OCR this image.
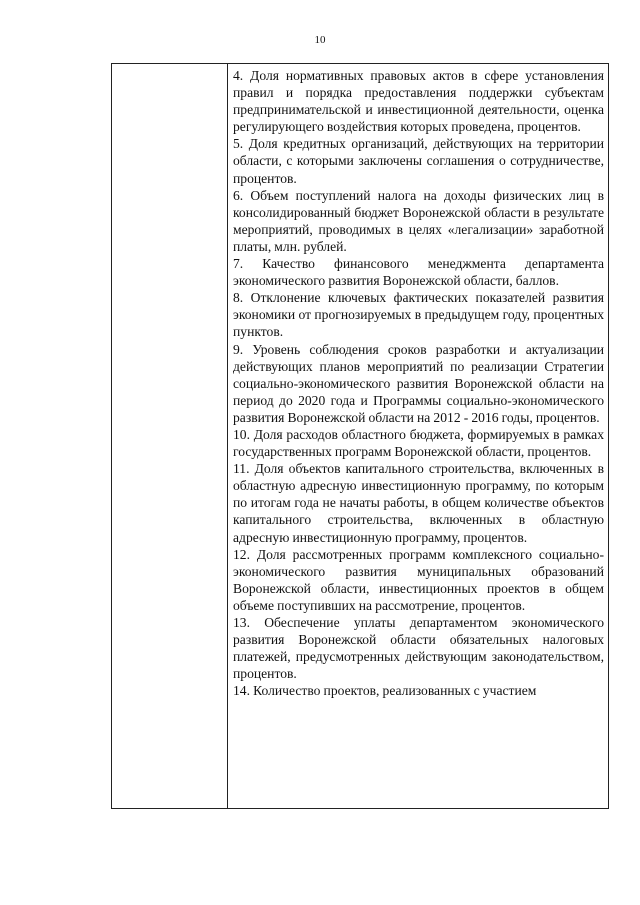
10

4. Доля нормативных правовых актов в сфере установления правил и порядка предоставления поддержки субъектам предпринимательской и инвестиционной деятельности, оценка регулирующего воздействия которых проведена, процентов.

5. Доля кредитных организаций, действующих на территории области, с которыми заключены соглашения о сотрудничестве, процентов.

6. Объем поступлений налога на доходы физических лиц в консолидированный бюджет Воронежской области в результате мероприятий, проводимых в целях «легализации» заработной платы, млн. рублей.

7. Качество финансового менеджмента департамента экономического развития Воронежской области, баллов.

8. Отклонение ключевых фактических показателей развития экономики от прогнозируемых в предыдущем году, процентных пунктов.

9. Уровень соблюдения сроков разработки и актуализации действующих планов мероприятий по реализации Стратегии социально-экономического развития Воронежской области на период до 2020 года и Программы социально-экономического развития Воронежской области на 2012 - 2016 годы, процентов.

10. Доля расходов областного бюджета, формируемых в рамках государственных программ Воронежской области, процентов.

11. Доля объектов капитального строительства, включенных в областную адресную инвестиционную программу, по которым по итогам года не начаты работы, в общем количестве объектов капитального строительства, включенных в областную адресную инвестиционную программу, процентов.

12. Доля рассмотренных программ комплексного социально-экономического развития муниципальных образований Воронежской области, инвестиционных проектов в общем объеме поступивших на рассмотрение, процентов.

13. Обеспечение уплаты департаментом экономического развития Воронежской области обязательных налоговых платежей, предусмотренных действующим законодательством, процентов.

14. Количество проектов, реализованных с участием
